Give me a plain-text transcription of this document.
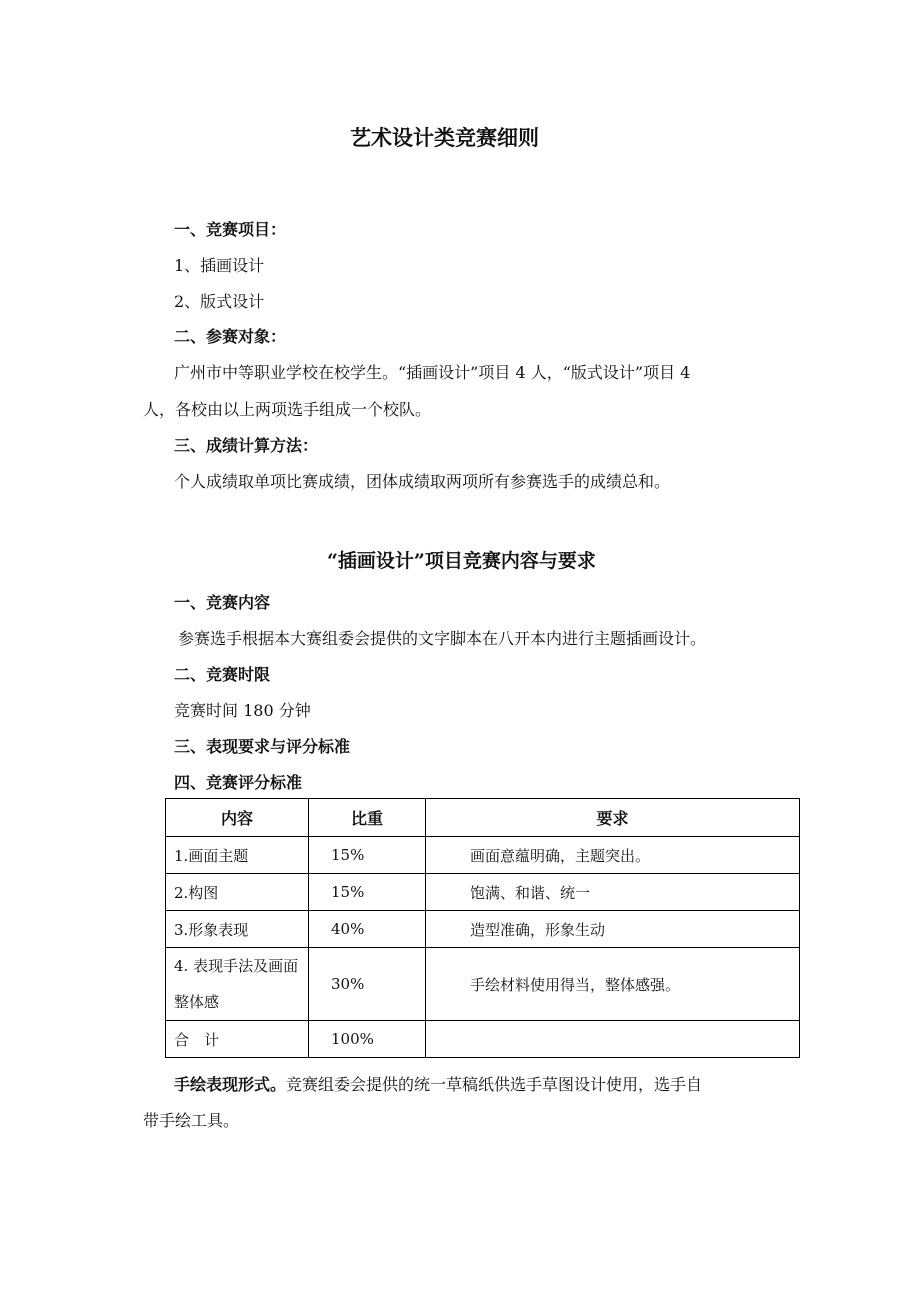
艺术设计类竞赛细则
一、竞赛项目：
1、插画设计
2、版式设计
二、参赛对象：
广州市中等职业学校在校学生。“插画设计”项目 4 人，“版式设计”项目 4
人，各校由以上两项选手组成一个校队。
三、成绩计算方法：
个人成绩取单项比赛成绩，团体成绩取两项所有参赛选手的成绩总和。
“插画设计”项目竞赛内容与要求
一、竞赛内容
参赛选手根据本大赛组委会提供的文字脚本在八开本内进行主题插画设计。
二、竞赛时限
竞赛时间 180 分钟
三、表现要求与评分标准
四、竞赛评分标准
内容	比重	要求
1.画面主题	15%	画面意蕴明确，主题突出。
2.构图	15%	饱满、和谐、统一
3.形象表现	40%	造型准确，形象生动
4. 表现手法及画面整体感	30%	手绘材料使用得当，整体感强。
合　计	100%	
手绘表现形式。竞赛组委会提供的统一草稿纸供选手草图设计使用，选手自
带手绘工具。
